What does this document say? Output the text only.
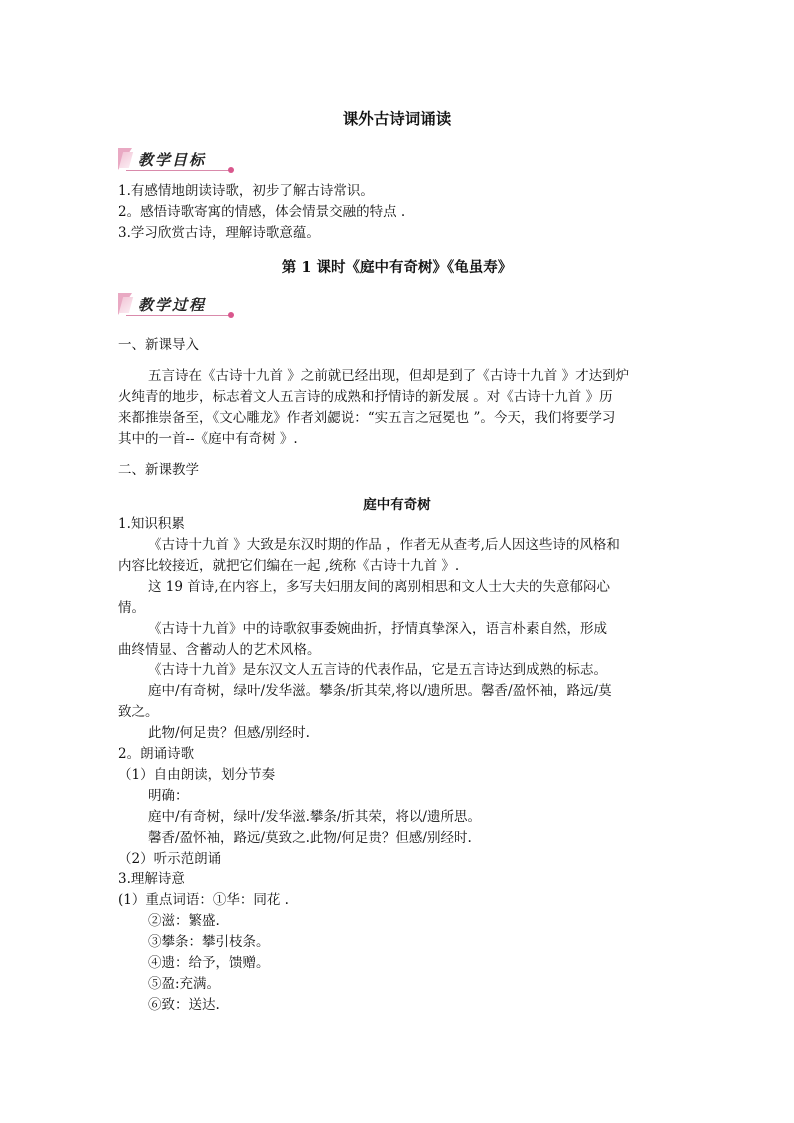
课外古诗词诵读
教学目标
1.有感情地朗读诗歌，初步了解古诗常识。
2。感悟诗歌寄寓的情感，体会情景交融的特点 .
3.学习欣赏古诗，理解诗歌意蕴。
第 1 课时《庭中有奇树》《龟虽寿》
教学过程
一、新课导入
五言诗在《古诗十九首 》之前就已经出现，但却是到了《古诗十九首 》才达到炉
火纯青的地步，标志着文人五言诗的成熟和抒情诗的新发展 。对《古诗十九首 》历
来都推崇备至，《文心雕龙》作者刘勰说：“实五言之冠冕也 ”。今天，我们将要学习
其中的一首--《庭中有奇树 》.
二、新课教学
庭中有奇树
1.知识积累
《古诗十九首 》大致是东汉时期的作品 ，作者无从查考,后人因这些诗的风格和
内容比较接近，就把它们编在一起 ,统称《古诗十九首 》.
这 19 首诗,在内容上，多写夫妇朋友间的离别相思和文人士大夫的失意郁闷心
情。
《古诗十九首》中的诗歌叙事委婉曲折，抒情真挚深入，语言朴素自然，形成
曲终情显、含蓄动人的艺术风格。
《古诗十九首》是东汉文人五言诗的代表作品，它是五言诗达到成熟的标志。
庭中/有奇树，绿叶/发华滋。攀条/折其荣,将以/遗所思。馨香/盈怀袖，路远/莫
致之。
此物/何足贵？但感/别经时.
2。朗诵诗歌
（1）自由朗读，划分节奏
明确：
庭中/有奇树，绿叶/发华滋.攀条/折其荣，将以/遗所思。
馨香/盈怀袖，路远/莫致之.此物/何足贵？但感/别经时.
（2）听示范朗诵
3.理解诗意
(1）重点词语：①华：同花 .
②滋：繁盛.
③攀条：攀引枝条。
④遗：给予，馈赠。
⑤盈:充满。
⑥致：送达.
